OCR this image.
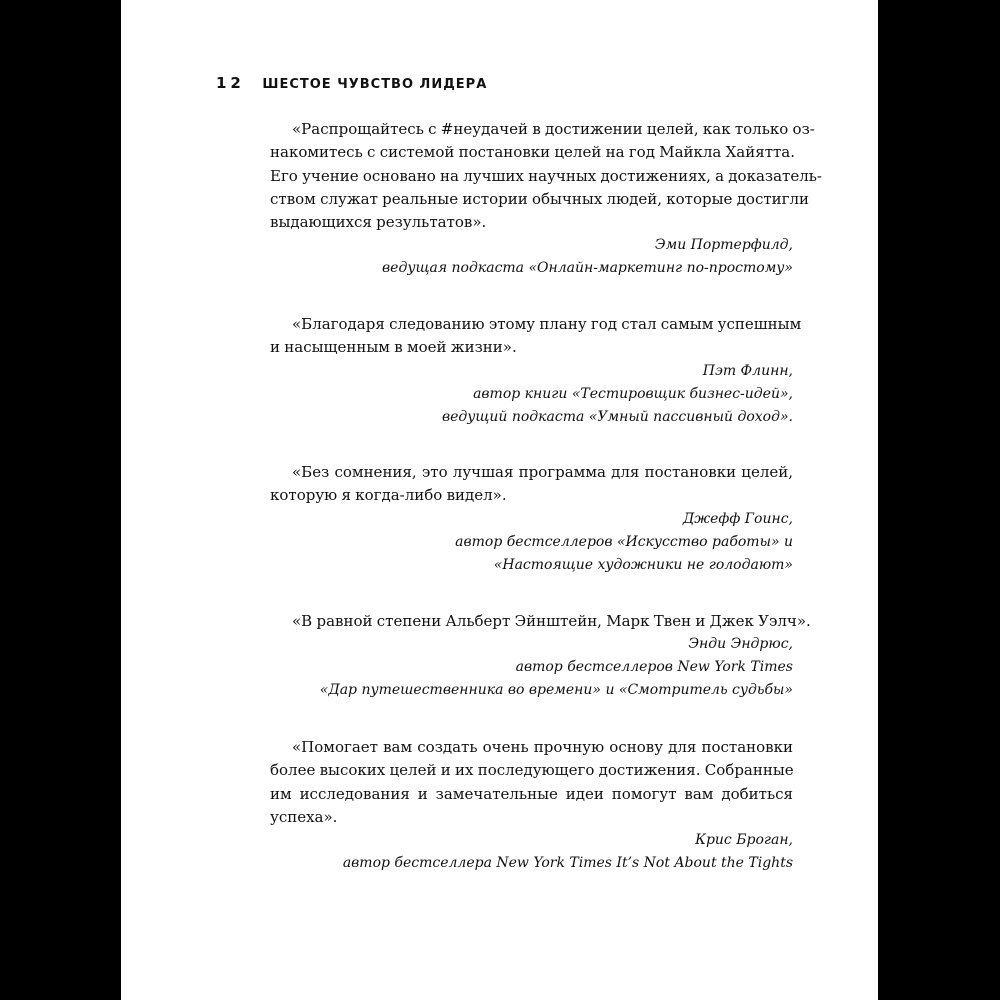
12 ШЕСТОЕ ЧУВСТВО ЛИДЕРА

«Распрощайтесь с #неудачей в достижении целей, как только оз-
накомитесь с системой постановки целей на год Майкла Хайятта.
Его учение основано на лучших научных достижениях, а доказатель-
ством служат реальные истории обычных людей, которые достигли
выдающихся результатов».

Эми Портерфилд,
ведущая подкаста «Онлайн-маркетинг по-простому»

«Благодаря следованию этому плану год стал самым успешным
и насыщенным в моей жизни».

Пэт Флинн,
автор книги «Тестировщик бизнес-идей»,
ведущий подкаста «Умный пассивный доход».

«Без сомнения, это лучшая программа для постановки целей,
которую я когда-либо видел».

Джефф Гоинс,
автор бестселлеров «Искусство работы» и
«Настоящие художники не голодают»

«В равной степени Альберт Эйнштейн, Марк Твен и Джек Уэлч».

Энди Эндрюс,
автор бестселлеров New York Times
«Дар путешественника во времени» и «Смотритель судьбы»

«Помогает вам создать очень прочную основу для постановки
более высоких целей и их последующего достижения. Собранные
им исследования и замечательные идеи помогут вам добиться
успеха».

Крис Броган,
автор бестселлера New York Times It’s Not About the Tights
